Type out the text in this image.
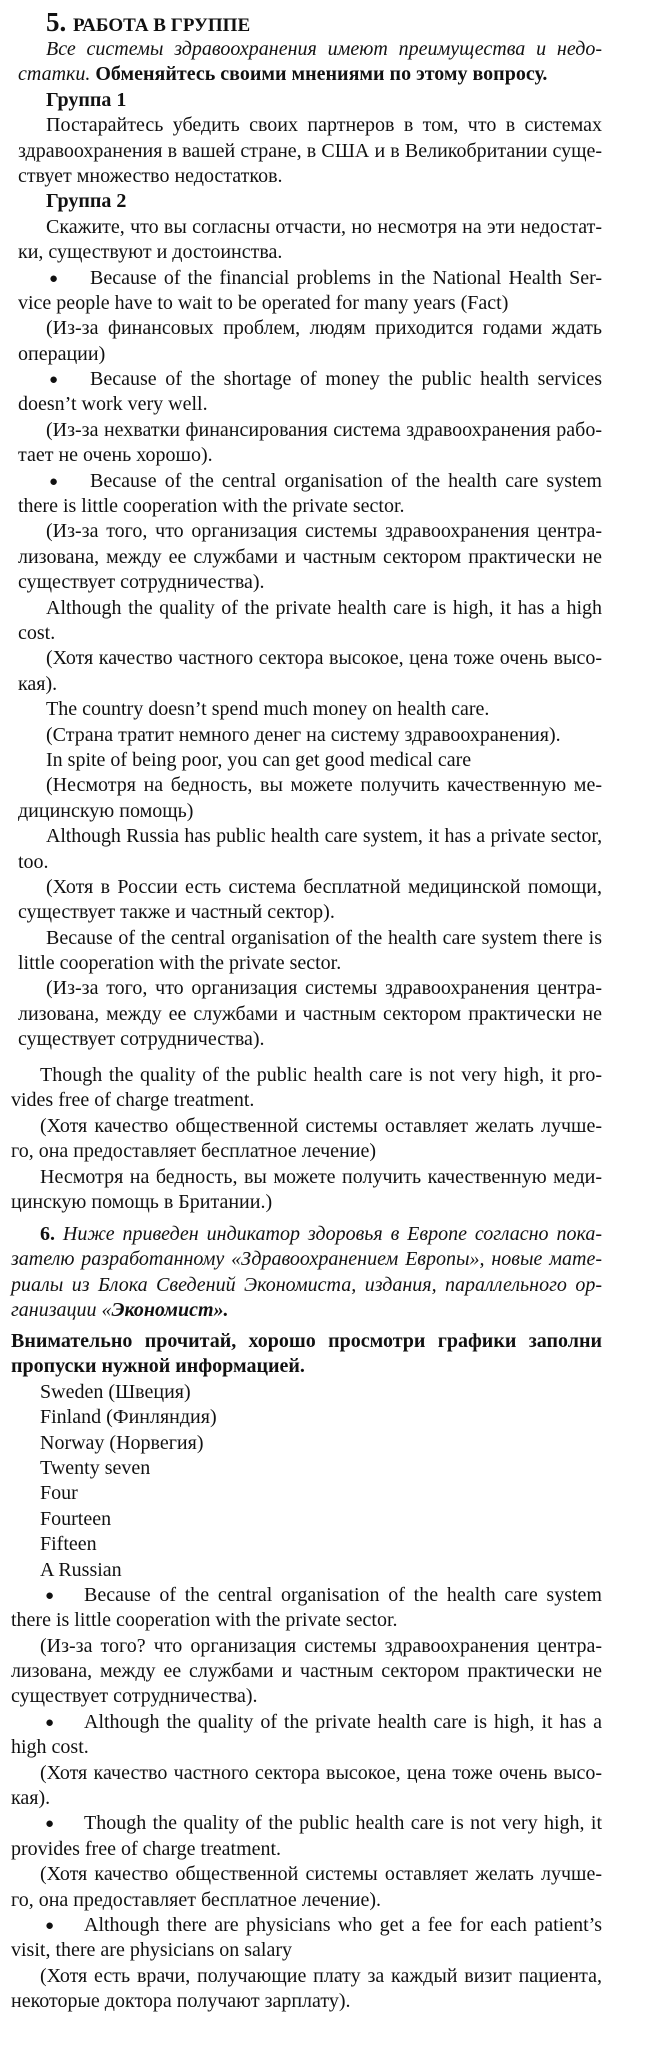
5. РАБОТА В ГРУППЕ
Все системы здравоохранения имеют преимущества и недо-
статки. Обменяйтесь своими мнениями по этому вопросу.
Группа 1
Постарайтесь убедить своих партнеров в том, что в системах
здравоохранения в вашей стране, в США и в Великобритании суще-
ствует множество недостатков.
Группа 2
Скажите, что вы согласны отчасти, но несмотря на эти недостат-
ки, существуют и достоинства.
● Because of the financial problems in the National Health Ser-
vice people have to wait to be operated for many years (Fact)
(Из-за финансовых проблем, людям приходится годами ждать
операции)
● Because of the shortage of money the public health services
doesn’t work very well.
(Из-за нехватки финансирования система здравоохранения рабо-
тает не очень хорошо).
● Because of the central organisation of the health care system
there is little cooperation with the private sector.
(Из-за того, что организация системы здравоохранения центра-
лизована, между ее службами и частным сектором практически не
существует сотрудничества).
Although the quality of the private health care is high, it has a high
cost.
(Хотя качество частного сектора высокое, цена тоже очень высо-
кая).
The country doesn’t spend much money on health care.
(Страна тратит немного денег на систему здравоохранения).
In spite of being poor, you can get good medical care
(Несмотря на бедность, вы можете получить качественную ме-
дицинскую помощь)
Although Russia has public health care system, it has a private sector,
too.
(Хотя в России есть система бесплатной медицинской помощи,
существует также и частный сектор).
Because of the central organisation of the health care system there is
little cooperation with the private sector.
(Из-за того, что организация системы здравоохранения центра-
лизована, между ее службами и частным сектором практически не
существует сотрудничества).
Though the quality of the public health care is not very high, it pro-
vides free of charge treatment.
(Хотя качество общественной системы оставляет желать лучше-
го, она предоставляет бесплатное лечение)
Несмотря на бедность, вы можете получить качественную меди-
цинскую помощь в Британии.)
6. Ниже приведен индикатор здоровья в Европе согласно пока-
зателю разработанному «Здравоохранением Европы», новые мате-
риалы из Блока Сведений Экономиста, издания, параллельного ор-
ганизации «Экономист».
Внимательно прочитай, хорошо просмотри графики заполни
пропуски нужной информацией.
Sweden (Швеция)
Finland (Финляндия)
Norway (Норвегия)
Twenty seven
Four
Fourteen
Fifteen
A Russian
● Because of the central organisation of the health care system
there is little cooperation with the private sector.
(Из-за того? что организация системы здравоохранения центра-
лизована, между ее службами и частным сектором практически не
существует сотрудничества).
● Although the quality of the private health care is high, it has a
high cost.
(Хотя качество частного сектора высокое, цена тоже очень высо-
кая).
● Though the quality of the public health care is not very high, it
provides free of charge treatment.
(Хотя качество общественной системы оставляет желать лучше-
го, она предоставляет бесплатное лечение).
● Although there are physicians who get a fee for each patient’s
visit, there are physicians on salary
(Хотя есть врачи, получающие плату за каждый визит пациента,
некоторые доктора получают зарплату).
